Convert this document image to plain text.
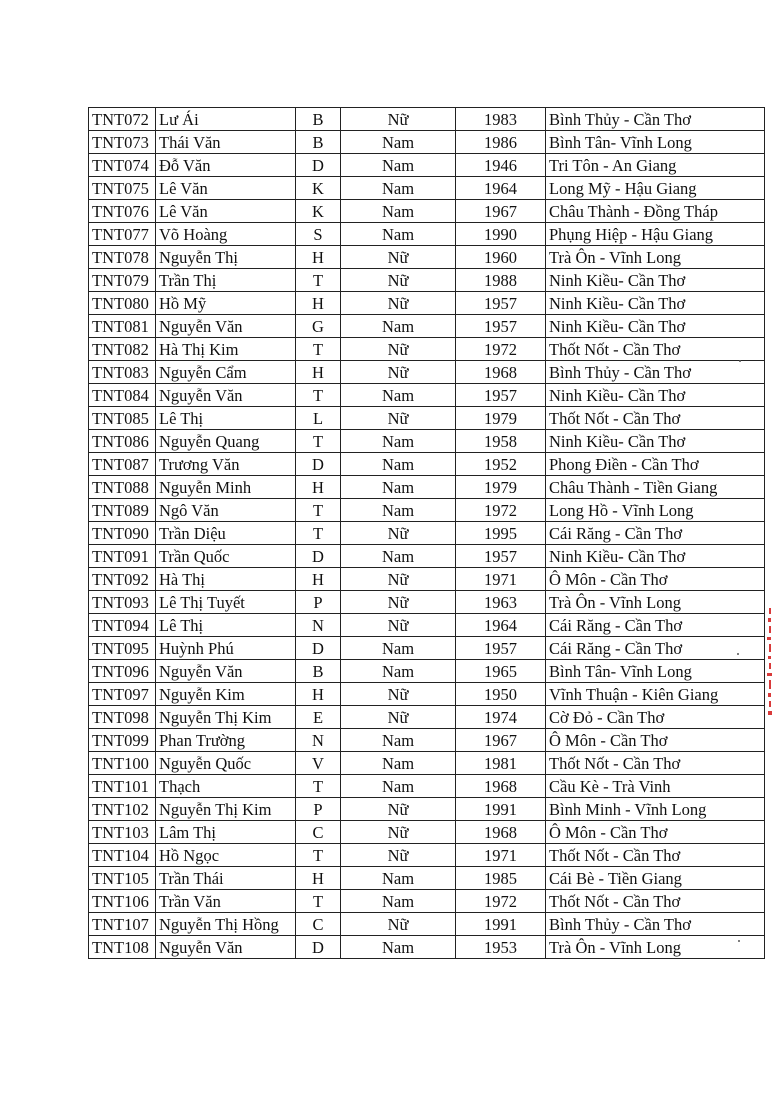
TNT072	Lư Ái	B	Nữ	1983	Bình Thủy - Cần Thơ
TNT073	Thái Văn	B	Nam	1986	Bình Tân- Vĩnh Long
TNT074	Đỗ Văn	D	Nam	1946	Tri Tôn - An Giang
TNT075	Lê Văn	K	Nam	1964	Long Mỹ - Hậu Giang
TNT076	Lê Văn	K	Nam	1967	Châu Thành - Đồng Tháp
TNT077	Võ Hoàng	S	Nam	1990	Phụng Hiệp - Hậu Giang
TNT078	Nguyễn Thị	H	Nữ	1960	Trà Ôn - Vĩnh Long
TNT079	Trần Thị	T	Nữ	1988	Ninh Kiều- Cần Thơ
TNT080	Hồ Mỹ	H	Nữ	1957	Ninh Kiều- Cần Thơ
TNT081	Nguyễn Văn	G	Nam	1957	Ninh Kiều- Cần Thơ
TNT082	Hà Thị Kim	T	Nữ	1972	Thốt Nốt - Cần Thơ
TNT083	Nguyễn Cẩm	H	Nữ	1968	Bình Thủy - Cần Thơ
TNT084	Nguyễn Văn	T	Nam	1957	Ninh Kiều- Cần Thơ
TNT085	Lê Thị	L	Nữ	1979	Thốt Nốt - Cần Thơ
TNT086	Nguyễn Quang	T	Nam	1958	Ninh Kiều- Cần Thơ
TNT087	Trương Văn	D	Nam	1952	Phong Điền - Cần Thơ
TNT088	Nguyễn Minh	H	Nam	1979	Châu Thành - Tiền Giang
TNT089	Ngô Văn	T	Nam	1972	Long Hồ - Vĩnh Long
TNT090	Trần Diệu	T	Nữ	1995	Cái Răng - Cần Thơ
TNT091	Trần Quốc	D	Nam	1957	Ninh Kiều- Cần Thơ
TNT092	Hà Thị	H	Nữ	1971	Ô Môn - Cần Thơ
TNT093	Lê Thị Tuyết	P	Nữ	1963	Trà Ôn - Vĩnh Long
TNT094	Lê Thị	N	Nữ	1964	Cái Răng - Cần Thơ
TNT095	Huỳnh Phú	D	Nam	1957	Cái Răng - Cần Thơ
TNT096	Nguyễn Văn	B	Nam	1965	Bình Tân- Vĩnh Long
TNT097	Nguyễn Kim	H	Nữ	1950	Vĩnh Thuận - Kiên Giang
TNT098	Nguyễn Thị Kim	E	Nữ	1974	Cờ Đỏ - Cần Thơ
TNT099	Phan Trường	N	Nam	1967	Ô Môn - Cần Thơ
TNT100	Nguyễn Quốc	V	Nam	1981	Thốt Nốt - Cần Thơ
TNT101	Thạch	T	Nam	1968	Cầu Kè - Trà Vinh
TNT102	Nguyễn Thị Kim	P	Nữ	1991	Bình Minh - Vĩnh Long
TNT103	Lâm Thị	C	Nữ	1968	Ô Môn - Cần Thơ
TNT104	Hồ Ngọc	T	Nữ	1971	Thốt Nốt - Cần Thơ
TNT105	Trần Thái	H	Nam	1985	Cái Bè - Tiền Giang
TNT106	Trần Văn	T	Nam	1972	Thốt Nốt - Cần Thơ
TNT107	Nguyễn Thị Hồng	C	Nữ	1991	Bình Thủy - Cần Thơ
TNT108	Nguyễn Văn	D	Nam	1953	Trà Ôn - Vĩnh Long
